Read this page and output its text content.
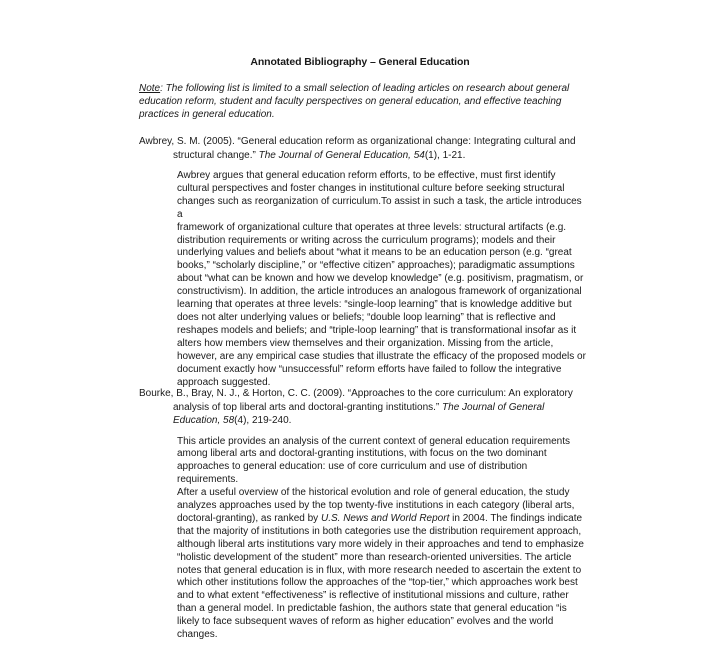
Annotated Bibliography – General Education
Note: The following list is limited to a small selection of leading articles on research about general
education reform, student and faculty perspectives on general education, and effective teaching
practices in general education.
Awbrey, S. M. (2005). “General education reform as organizational change: Integrating cultural and structural change.” The Journal of General Education, 54(1), 1-21.
Awbrey argues that general education reform efforts, to be effective, must first identify
cultural perspectives and foster changes in institutional culture before seeking structural
changes such as reorganization of curriculum.To assist in such a task, the article introduces a
framework of organizational culture that operates at three levels: structural artifacts (e.g.
distribution requirements or writing across the curriculum programs); models and their
underlying values and beliefs about “what it means to be an education person (e.g. “great
books,” “scholarly discipline,” or “effective citizen” approaches); paradigmatic assumptions
about “what can be known and how we develop knowledge” (e.g. positivism, pragmatism, or
constructivism). In addition, the article introduces an analogous framework of organizational
learning that operates at three levels: “single-loop learning” that is knowledge additive but
does not alter underlying values or beliefs; “double loop learning” that is reflective and
reshapes models and beliefs; and “triple-loop learning” that is transformational insofar as it
alters how members view themselves and their organization. Missing from the article,
however, are any empirical case studies that illustrate the efficacy of the proposed models or
document exactly how “unsuccessful” reform efforts have failed to follow the integrative
approach suggested.
Bourke, B., Bray, N. J., & Horton, C. C. (2009). “Approaches to the core curriculum: An exploratory analysis of top liberal arts and doctoral-granting institutions.” The Journal of General Education, 58(4), 219-240.
This article provides an analysis of the current context of general education requirements
among liberal arts and doctoral-granting institutions, with focus on the two dominant
approaches to general education: use of core curriculum and use of distribution requirements.
After a useful overview of the historical evolution and role of general education, the study
analyzes approaches used by the top twenty-five institutions in each category (liberal arts,
doctoral-granting), as ranked by U.S. News and World Report in 2004. The findings indicate
that the majority of institutions in both categories use the distribution requirement approach,
although liberal arts institutions vary more widely in their approaches and tend to emphasize
“holistic development of the student” more than research-oriented universities. The article
notes that general education is in flux, with more research needed to ascertain the extent to
which other institutions follow the approaches of the “top-tier,” which approaches work best
and to what extent “effectiveness” is reflective of institutional missions and culture, rather
than a general model. In predictable fashion, the authors state that general education “is
likely to face subsequent waves of reform as higher education” evolves and the world
changes.
